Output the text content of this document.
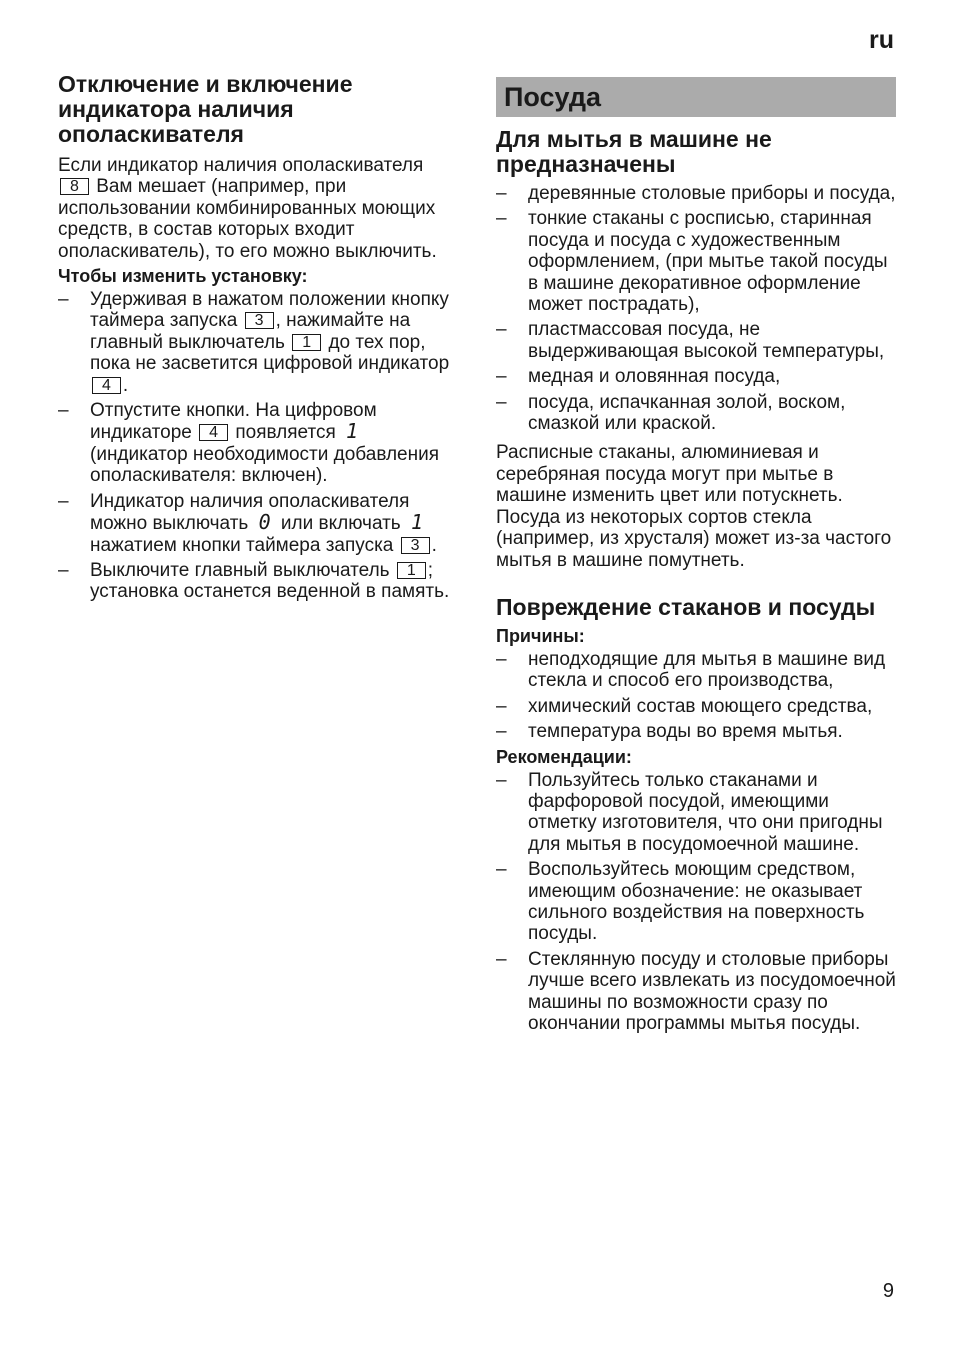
ru
Отключение и включение индикатора наличия ополаскивателя

Если индикатор наличия ополаскивателя 8 Вам мешает (например, при использовании комбинированных моющих средств, в состав которых входит ополаскиватель), то его можно выключить.

Чтобы изменить установку:
– Удерживая в нажатом положении кнопку таймера запуска 3 , нажимайте на главный выключатель 1 до тех пор, пока не засветится цифровой индикатор 4 .
– Отпустите кнопки. На цифровом индикаторе 4 появляется 1 (индикатор необходимости добавления ополаскивателя: включен).
– Индикатор наличия ополаскивателя можно выключать 0 или включать 1 нажатием кнопки таймера запуска 3 .
– Выключите главный выключатель 1 ; установка останется веденной в память.
Посуда
Для мытья в машине не предназначены
– деревянные столовые приборы и посуда,
– тонкие стаканы с росписью, старинная посуда и посуда с художественным оформлением, (при мытье такой посуды в машине декоративное оформление может пострадать),
– пластмассовая посуда, не выдерживающая высокой температуры,
– медная и оловянная посуда,
– посуда, испачканная золой, воском, смазкой или краской.

Расписные стаканы, алюминиевая и серебряная посуда могут при мытье в машине изменить цвет или потускнеть. Посуда из некоторых сортов стекла (например, из хрусталя) может из-за частого мытья в машине помутнеть.

Повреждение стаканов и посуды
Причины:
– неподходящие для мытья в машине вид стекла и способ его производства,
– химический состав моющего средства,
– температура воды во время мытья.
Рекомендации:
– Пользуйтесь только стаканами и фарфоровой посудой, имеющими отметку изготовителя, что они пригодны для мытья в посудомоечной машине.
– Воспользуйтесь моющим средством, имеющим обозначение: не оказывает сильного воздействия на поверхность посуды.
– Стеклянную посуду и столовые приборы лучше всего извлекать из посудомоечной машины по возможности сразу по окончании программы мытья посуды.
9
